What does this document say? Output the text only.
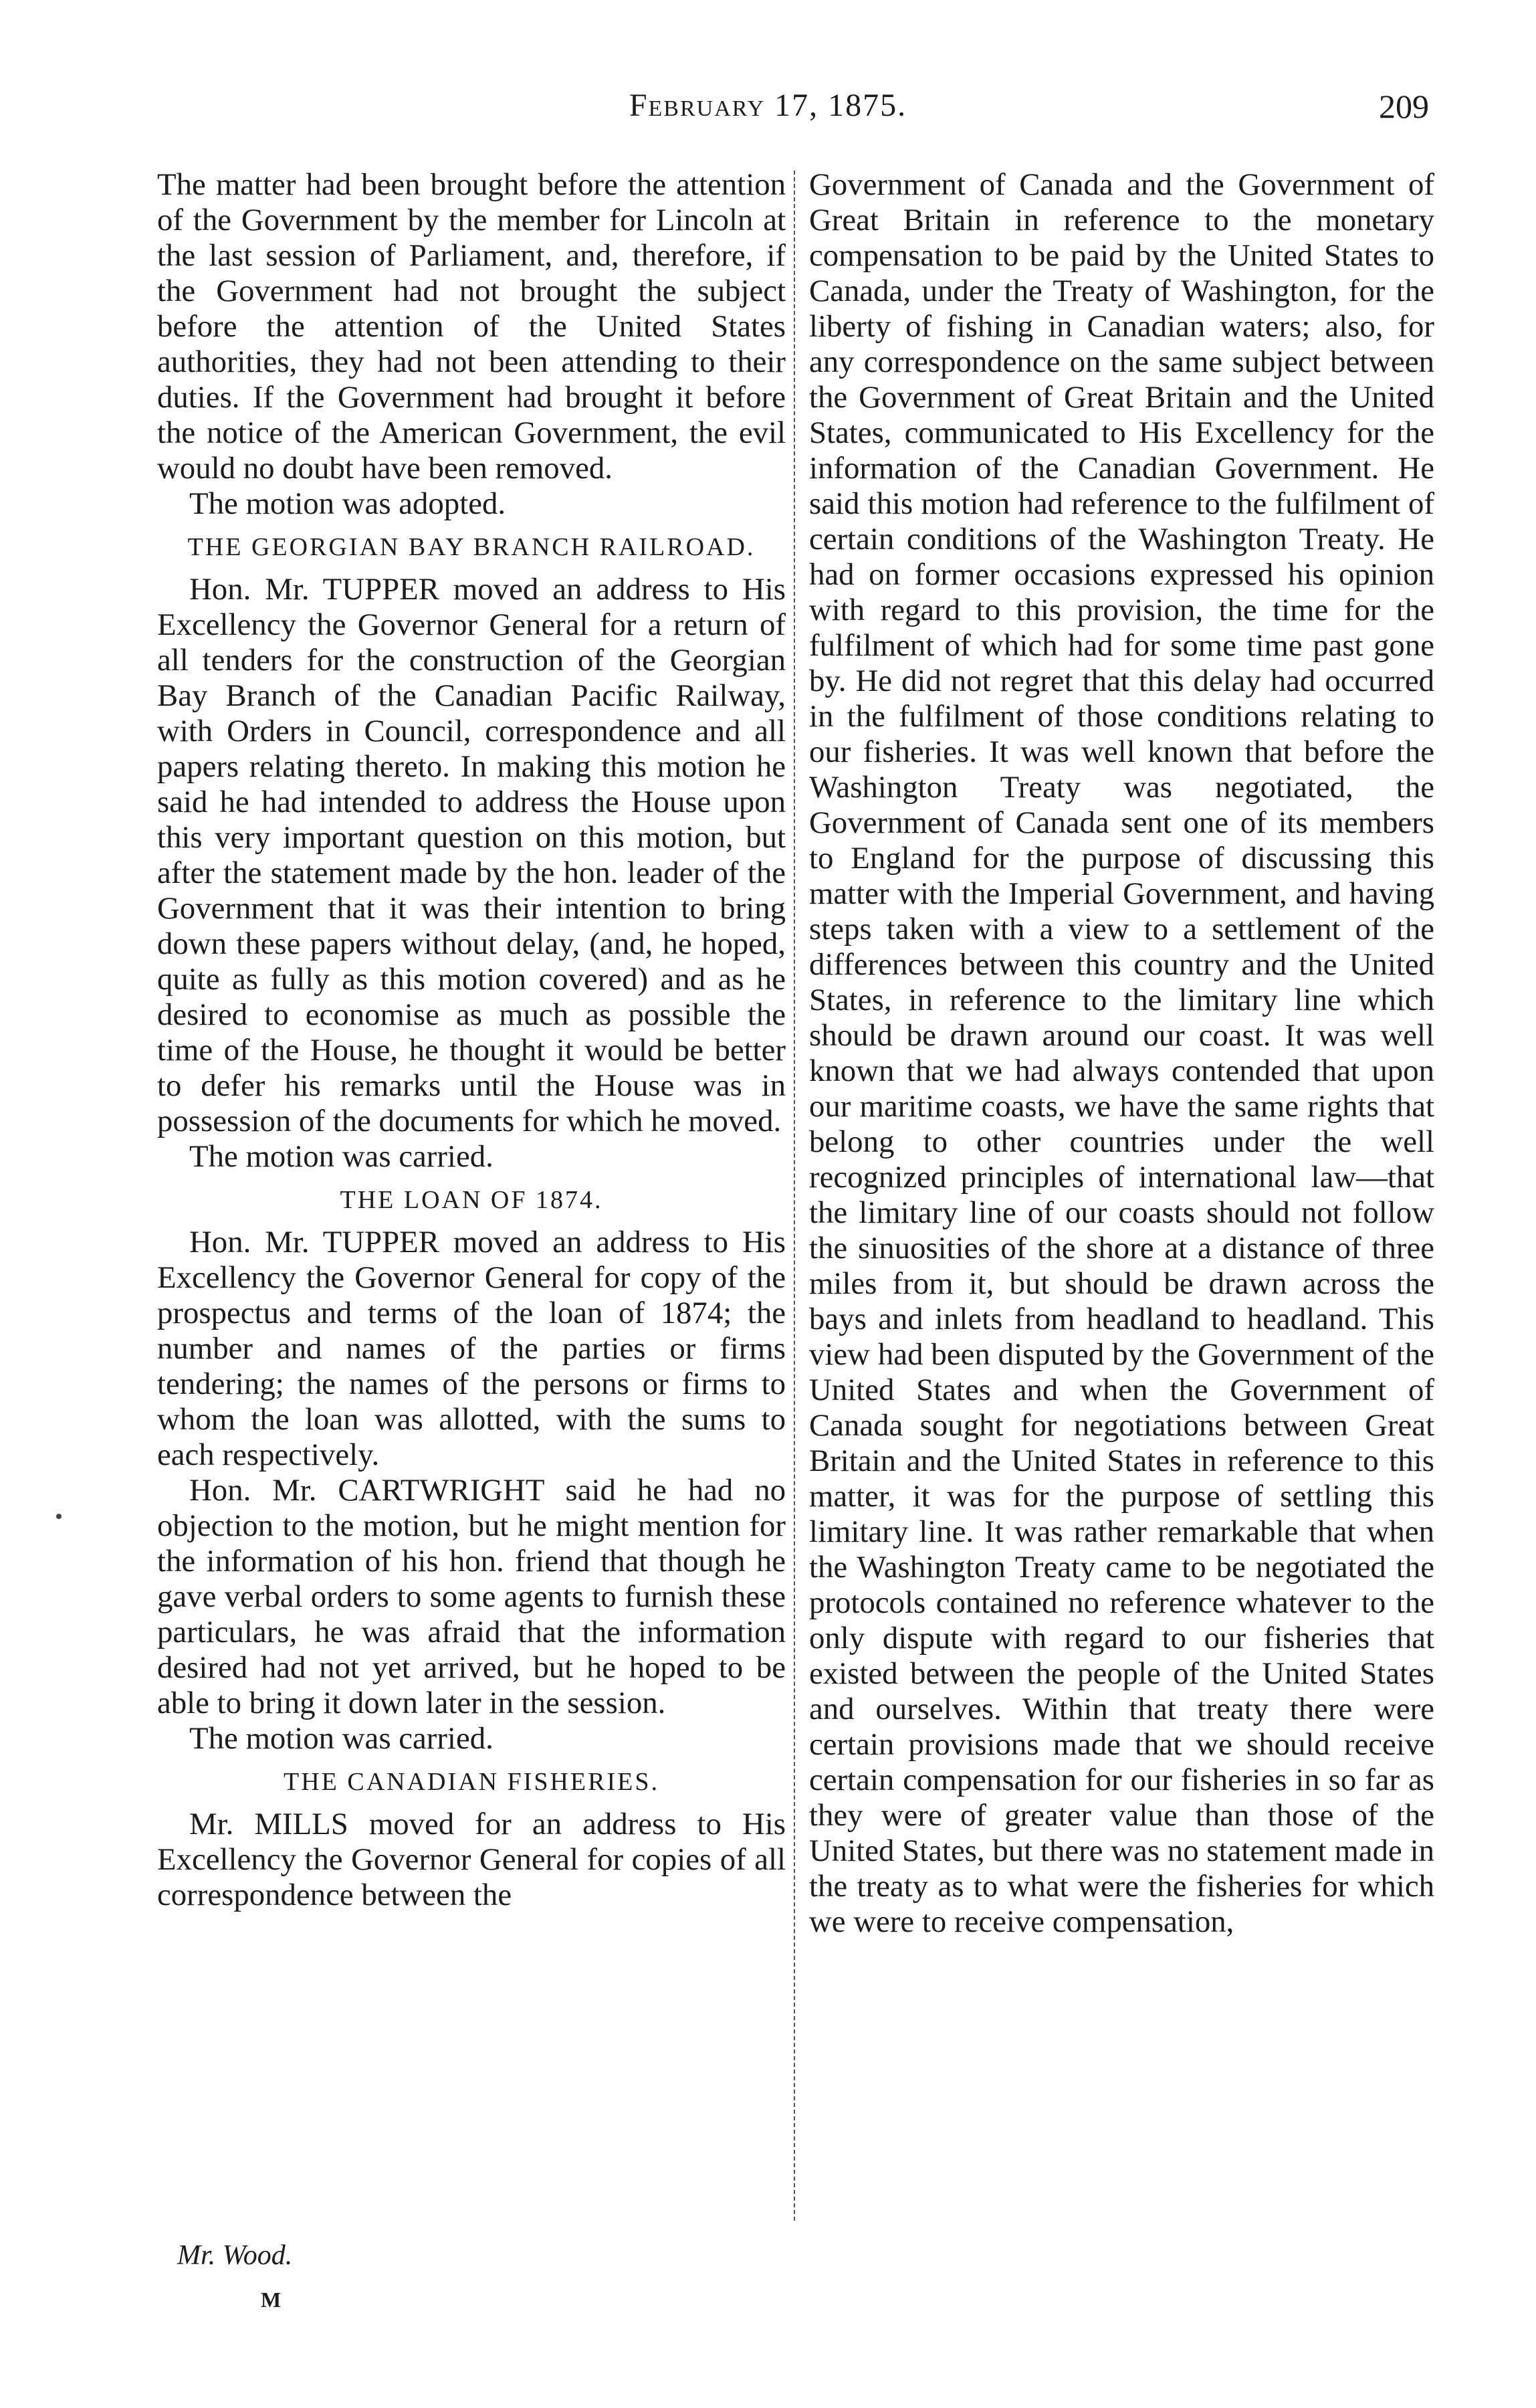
February 17, 1875.	209

The matter had been brought before the attention of the Government by the member for Lincoln at the last session of Parliament, and, therefore, if the Government had not brought the subject before the attention of the United States authorities, they had not been attending to their duties. If the Government had brought it before the notice of the American Government, the evil would no doubt have been removed.

The motion was adopted.

THE GEORGIAN BAY BRANCH RAILROAD.

Hon. Mr. TUPPER moved an address to His Excellency the Governor General for a return of all tenders for the construction of the Georgian Bay Branch of the Canadian Pacific Railway, with Orders in Council, correspondence and all papers relating thereto. In making this motion he said he had intended to address the House upon this very important question on this motion, but after the statement made by the hon. leader of the Government that it was their intention to bring down these papers without delay, (and, he hoped, quite as fully as this motion covered) and as he desired to economise as much as possible the time of the House, he thought it would be better to defer his remarks until the House was in possession of the documents for which he moved.

The motion was carried.

THE LOAN OF 1874.

Hon. Mr. TUPPER moved an address to His Excellency the Governor General for copy of the prospectus and terms of the loan of 1874; the number and names of the parties or firms tendering; the names of the persons or firms to whom the loan was allotted, with the sums to each respectively.

Hon. Mr. CARTWRIGHT said he had no objection to the motion, but he might mention for the information of his hon. friend that though he gave verbal orders to some agents to furnish these particulars, he was afraid that the information desired had not yet arrived, but he hoped to be able to bring it down later in the session.

The motion was carried.

THE CANADIAN FISHERIES.

Mr. MILLS moved for an address to His Excellency the Governor General for copies of all correspondence between the

Government of Canada and the Government of Great Britain in reference to the monetary compensation to be paid by the United States to Canada, under the Treaty of Washington, for the liberty of fishing in Canadian waters; also, for any correspondence on the same subject between the Government of Great Britain and the United States, communicated to His Excellency for the information of the Canadian Government. He said this motion had reference to the fulfilment of certain conditions of the Washington Treaty. He had on former occasions expressed his opinion with regard to this provision, the time for the fulfilment of which had for some time past gone by. He did not regret that this delay had occurred in the fulfilment of those conditions relating to our fisheries. It was well known that before the Washington Treaty was negotiated, the Government of Canada sent one of its members to England for the purpose of discussing this matter with the Imperial Government, and having steps taken with a view to a settlement of the differences between this country and the United States, in reference to the limitary line which should be drawn around our coast. It was well known that we had always contended that upon our maritime coasts, we have the same rights that belong to other countries under the well recognized principles of international law—that the limitary line of our coasts should not follow the sinuosities of the shore at a distance of three miles from it, but should be drawn across the bays and inlets from headland to headland. This view had been disputed by the Government of the United States and when the Government of Canada sought for negotiations between Great Britain and the United States in reference to this matter, it was for the purpose of settling this limitary line. It was rather remarkable that when the Washington Treaty came to be negotiated the protocols contained no reference whatever to the only dispute with regard to our fisheries that existed between the people of the United States and ourselves. Within that treaty there were certain provisions made that we should receive certain compensation for our fisheries in so far as they were of greater value than those of the United States, but there was no statement made in the treaty as to what were the fisheries for which we were to receive compensation,

Mr. Wood.
M
